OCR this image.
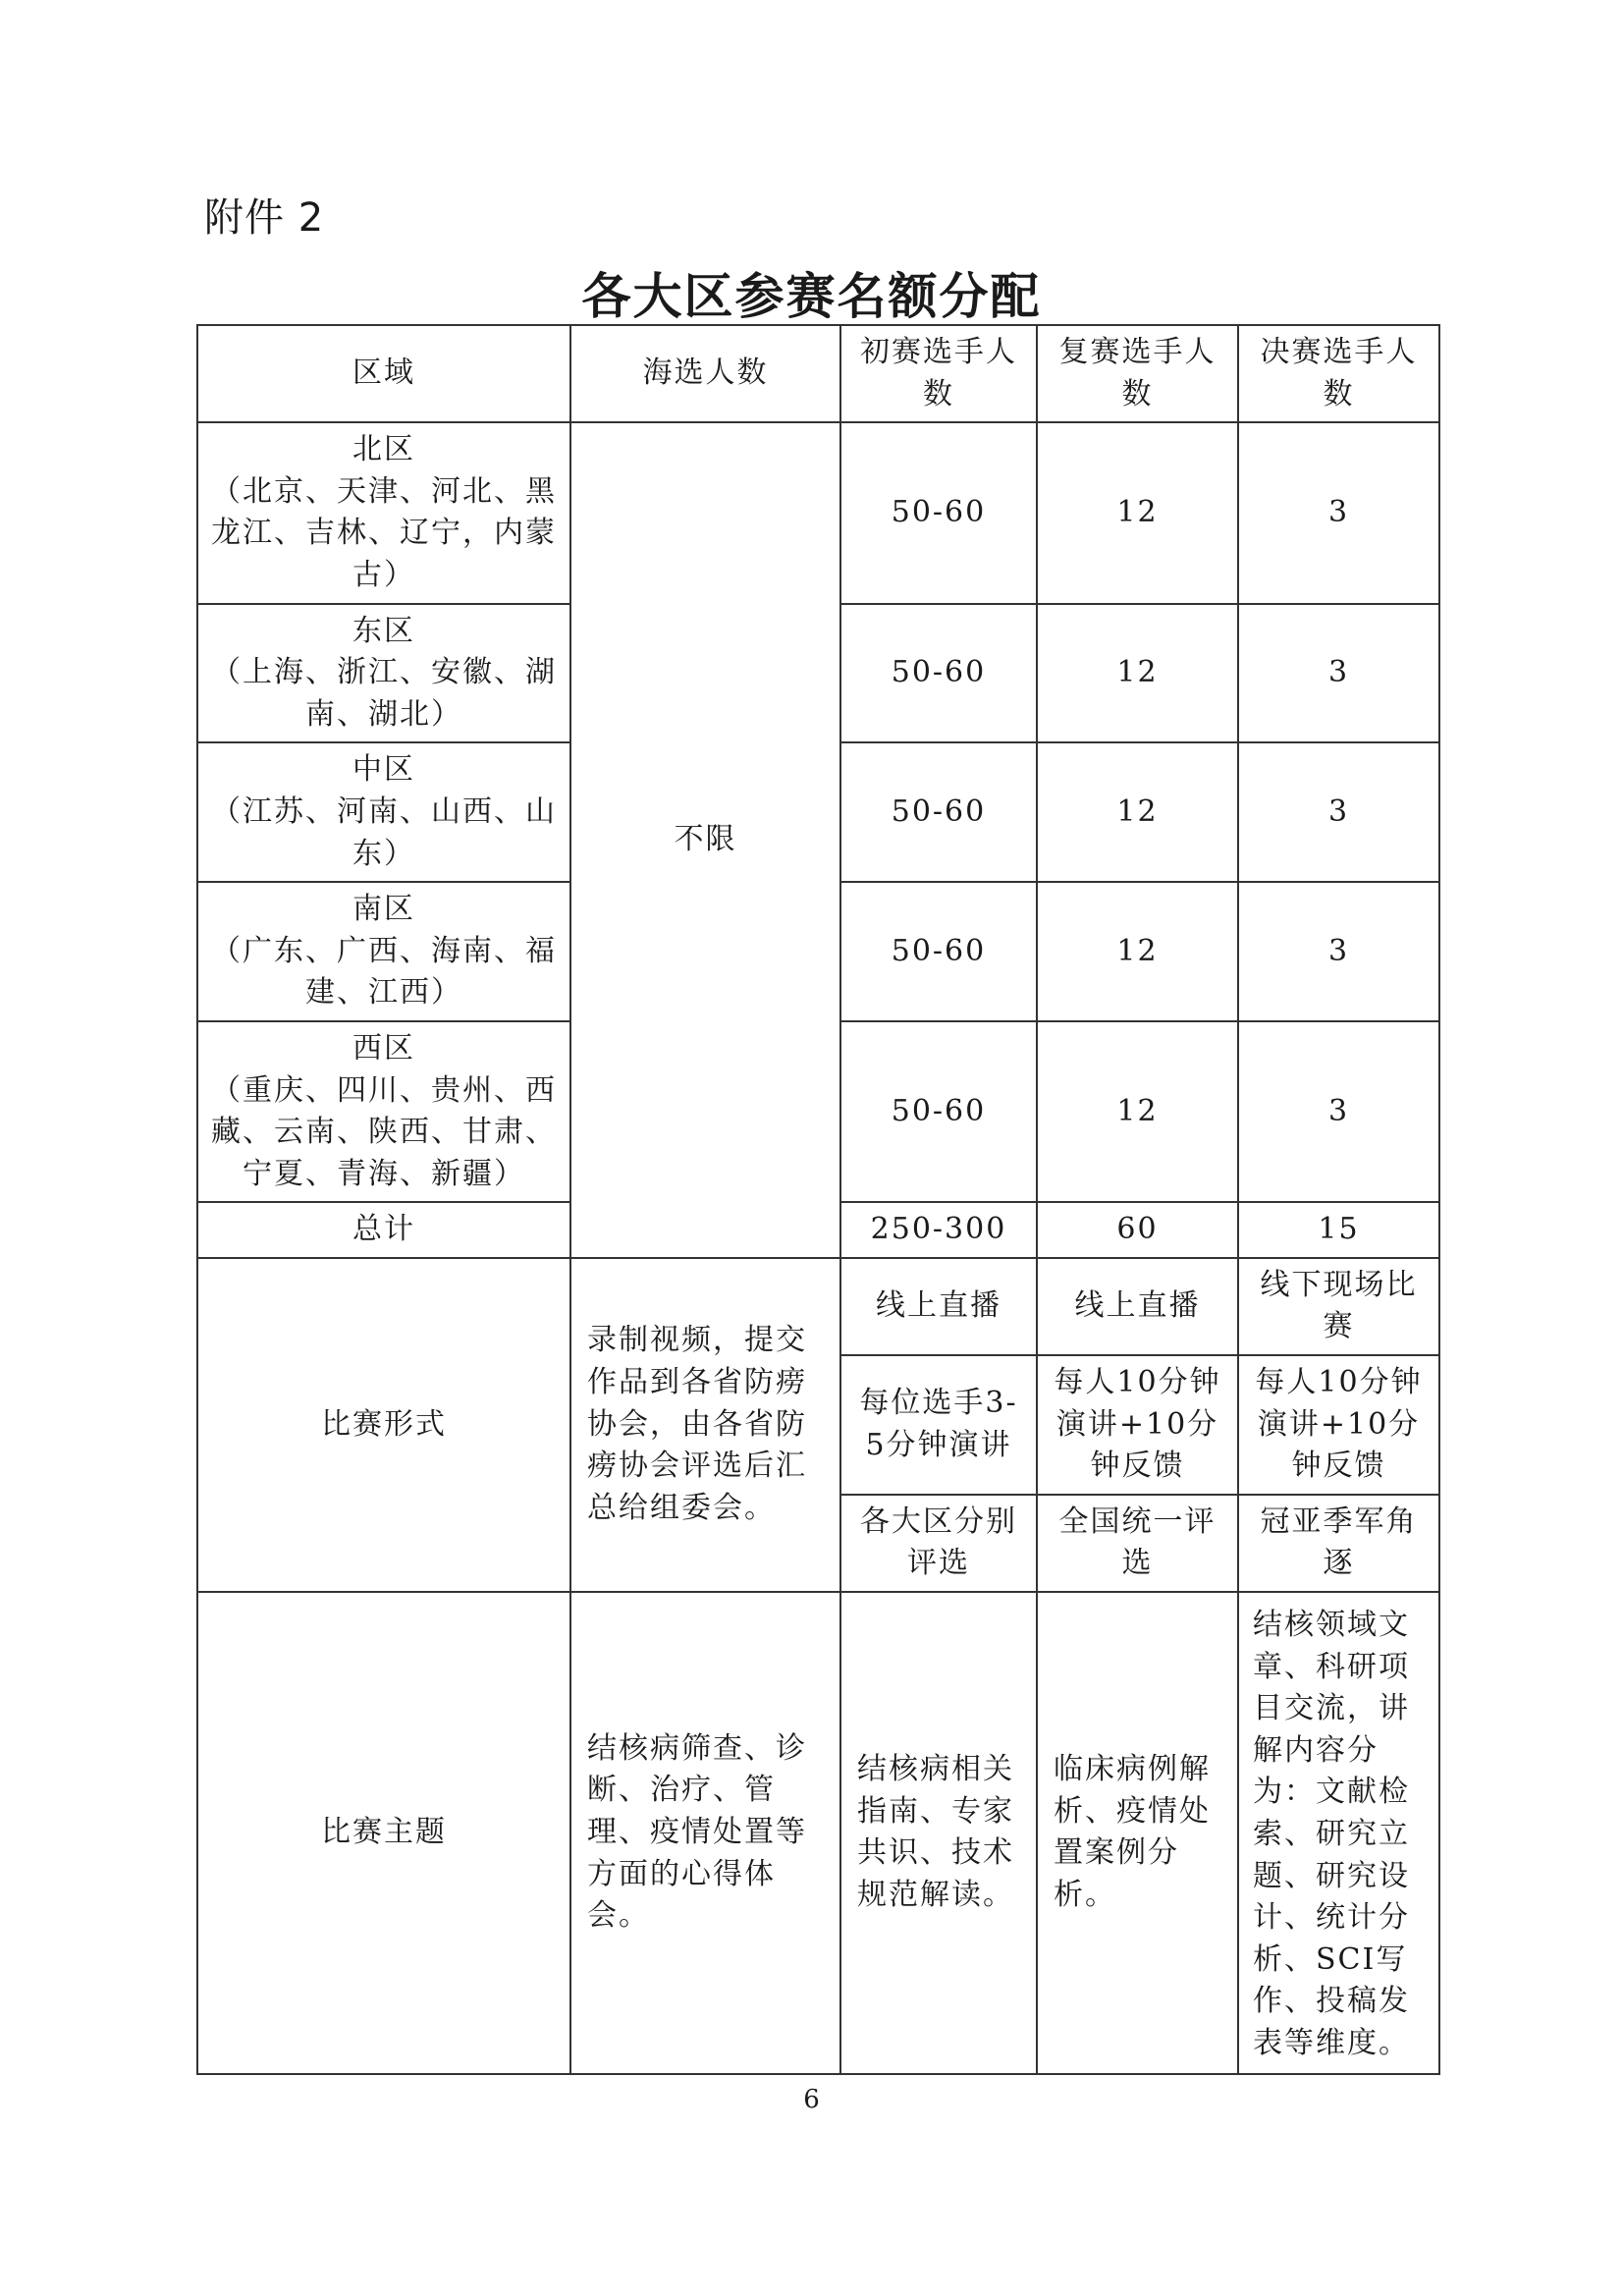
附件 2
各大区参赛名额分配
区域	海选人数	初赛选手人数	复赛选手人数	决赛选手人数

北区
（北京、天津、河北、黑龙江、吉林、辽宁，内蒙古）	不限	50-60	12	3

东区
（上海、浙江、安徽、湖南、湖北）		50-60	12	3

中区
（江苏、河南、山西、山东）		50-60	12	3

南区
（广东、广西、海南、福建、江西）		50-60	12	3

西区
（重庆、四川、贵州、西藏、云南、陕西、甘肃、宁夏、青海、新疆）		50-60	12	3
总计		250-300	60	15
比赛形式	录制视频，提交作品到各省防痨协会，由各省防痨协会评选后汇总给组委会。	线上直播	线上直播	线下现场比赛
		每位选手3-5分钟演讲	每人10分钟演讲+10分钟反馈	每人10分钟演讲+10分钟反馈
		各大区分别评选	全国统一评选	冠亚季军角逐
比赛主题	结核病筛查、诊断、治疗、管理、疫情处置等方面的心得体会。	结核病相关指南、专家共识、技术规范解读。	临床病例解析、疫情处置案例分析。	结核领域文章、科研项目交流，讲解内容分为：文献检索、研究立题、研究设计、统计分析、SCI写作、投稿发表等维度。
6
